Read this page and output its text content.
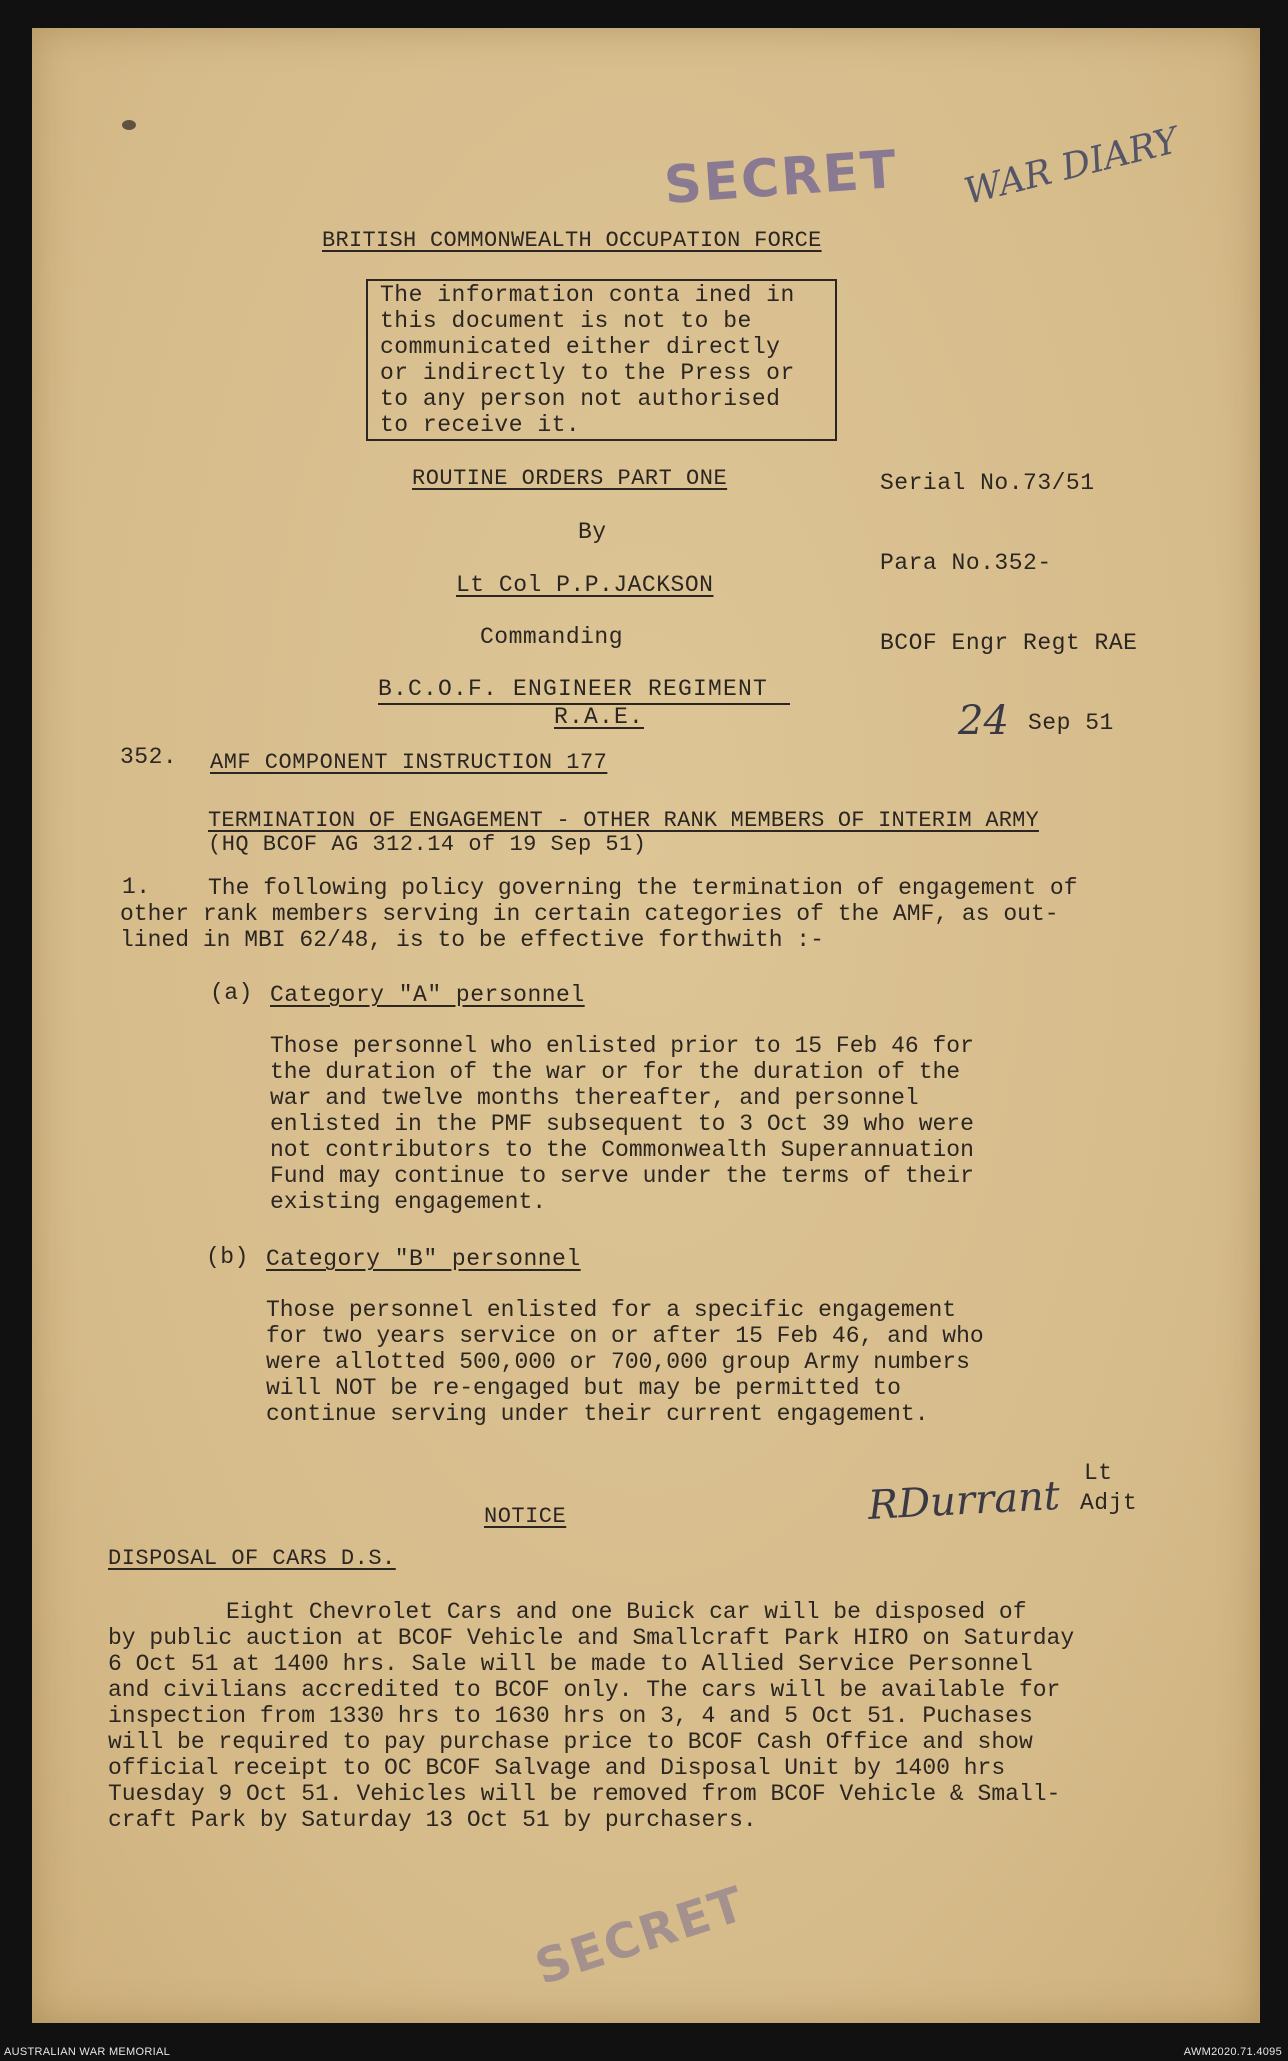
SECRET WAR DIARY
BRITISH COMMONWEALTH OCCUPATION FORCE
The information conta ined in
this document is not to be
communicated either directly
or indirectly to the Press or
to any person not authorised
to receive it.
ROUTINE ORDERS PART ONE
By
Lt Col P.P.JACKSON
Commanding
B.C.O.F. ENGINEER REGIMENT
R.A.E.
Serial No.73/51
Para No.352-
BCOF Engr Regt RAE
24 Sep 51
352. AMF COMPONENT INSTRUCTION 177
TERMINATION OF ENGAGEMENT - OTHER RANK MEMBERS OF INTERIM ARMY
(HQ BCOF AG 312.14 of 19 Sep 51)
1. The following policy governing the termination of engagement of
other rank members serving in certain categories of the AMF, as out-
lined in MBI 62/48, is to be effective forthwith :-
(a) Category "A" personnel
Those personnel who enlisted prior to 15 Feb 46 for
the duration of the war or for the duration of the
war and twelve months thereafter, and personnel
enlisted in the PMF subsequent to 3 Oct 39 who were
not contributors to the Commonwealth Superannuation
Fund may continue to serve under the terms of their
existing engagement.
(b) Category "B" personnel
Those personnel enlisted for a specific engagement
for two years service on or after 15 Feb 46, and who
were allotted 500,000 or 700,000 group Army numbers
will NOT be re-engaged but may be permitted to
continue serving under their current engagement.
RDurrant
Lt
Adjt
NOTICE
DISPOSAL OF CARS D.S.
Eight Chevrolet Cars and one Buick car will be disposed of
by public auction at BCOF Vehicle and Smallcraft Park HIRO on Saturday
6 Oct 51 at 1400 hrs. Sale will be made to Allied Service Personnel
and civilians accredited to BCOF only. The cars will be available for
inspection from 1330 hrs to 1630 hrs on 3, 4 and 5 Oct 51. Puchases
will be required to pay purchase price to BCOF Cash Office and show
official receipt to OC BCOF Salvage and Disposal Unit by 1400 hrs
Tuesday 9 Oct 51. Vehicles will be removed from BCOF Vehicle & Small-
craft Park by Saturday 13 Oct 51 by purchasers.
SECRET
AUSTRALIAN WAR MEMORIAL	AWM2020.71.4095
